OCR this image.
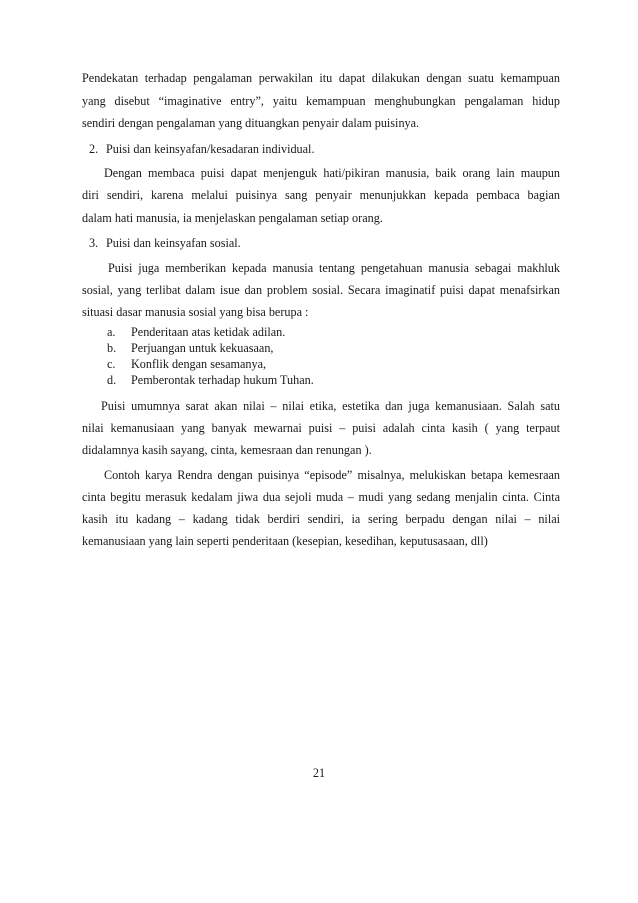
Pendekatan terhadap pengalaman perwakilan itu dapat dilakukan dengan suatu kemampuan
yang disebut “imaginative entry”, yaitu kemampuan menghubungkan pengalaman hidup
sendiri dengan pengalaman yang dituangkan penyair dalam puisinya.
2. Puisi dan keinsyafan/kesadaran individual.
Dengan membaca puisi dapat menjenguk hati/pikiran manusia, baik orang lain maupun
diri sendiri, karena melalui puisinya sang penyair menunjukkan kepada pembaca bagian
dalam hati manusia, ia menjelaskan pengalaman setiap orang.
3. Puisi dan keinsyafan sosial.
Puisi juga memberikan kepada manusia tentang pengetahuan manusia sebagai makhluk
sosial, yang terlibat dalam isue dan problem sosial. Secara imaginatif puisi dapat menafsirkan
situasi dasar manusia sosial yang bisa berupa :
a. Penderitaan atas ketidak adilan.
b. Perjuangan untuk kekuasaan,
c. Konflik dengan sesamanya,
d. Pemberontak terhadap hukum Tuhan.
Puisi umumnya sarat akan nilai – nilai etika, estetika dan juga kemanusiaan. Salah satu
nilai kemanusiaan yang banyak mewarnai puisi – puisi adalah cinta kasih ( yang terpaut
didalamnya kasih sayang, cinta, kemesraan dan renungan ).
Contoh karya Rendra dengan puisinya “episode” misalnya, melukiskan betapa kemesraan
cinta begitu merasuk kedalam jiwa dua sejoli muda – mudi yang sedang menjalin cinta. Cinta
kasih itu kadang – kadang tidak berdiri sendiri, ia sering berpadu dengan nilai – nilai
kemanusiaan yang lain seperti penderitaan (kesepian, kesedihan, keputusasaan, dll)
21
